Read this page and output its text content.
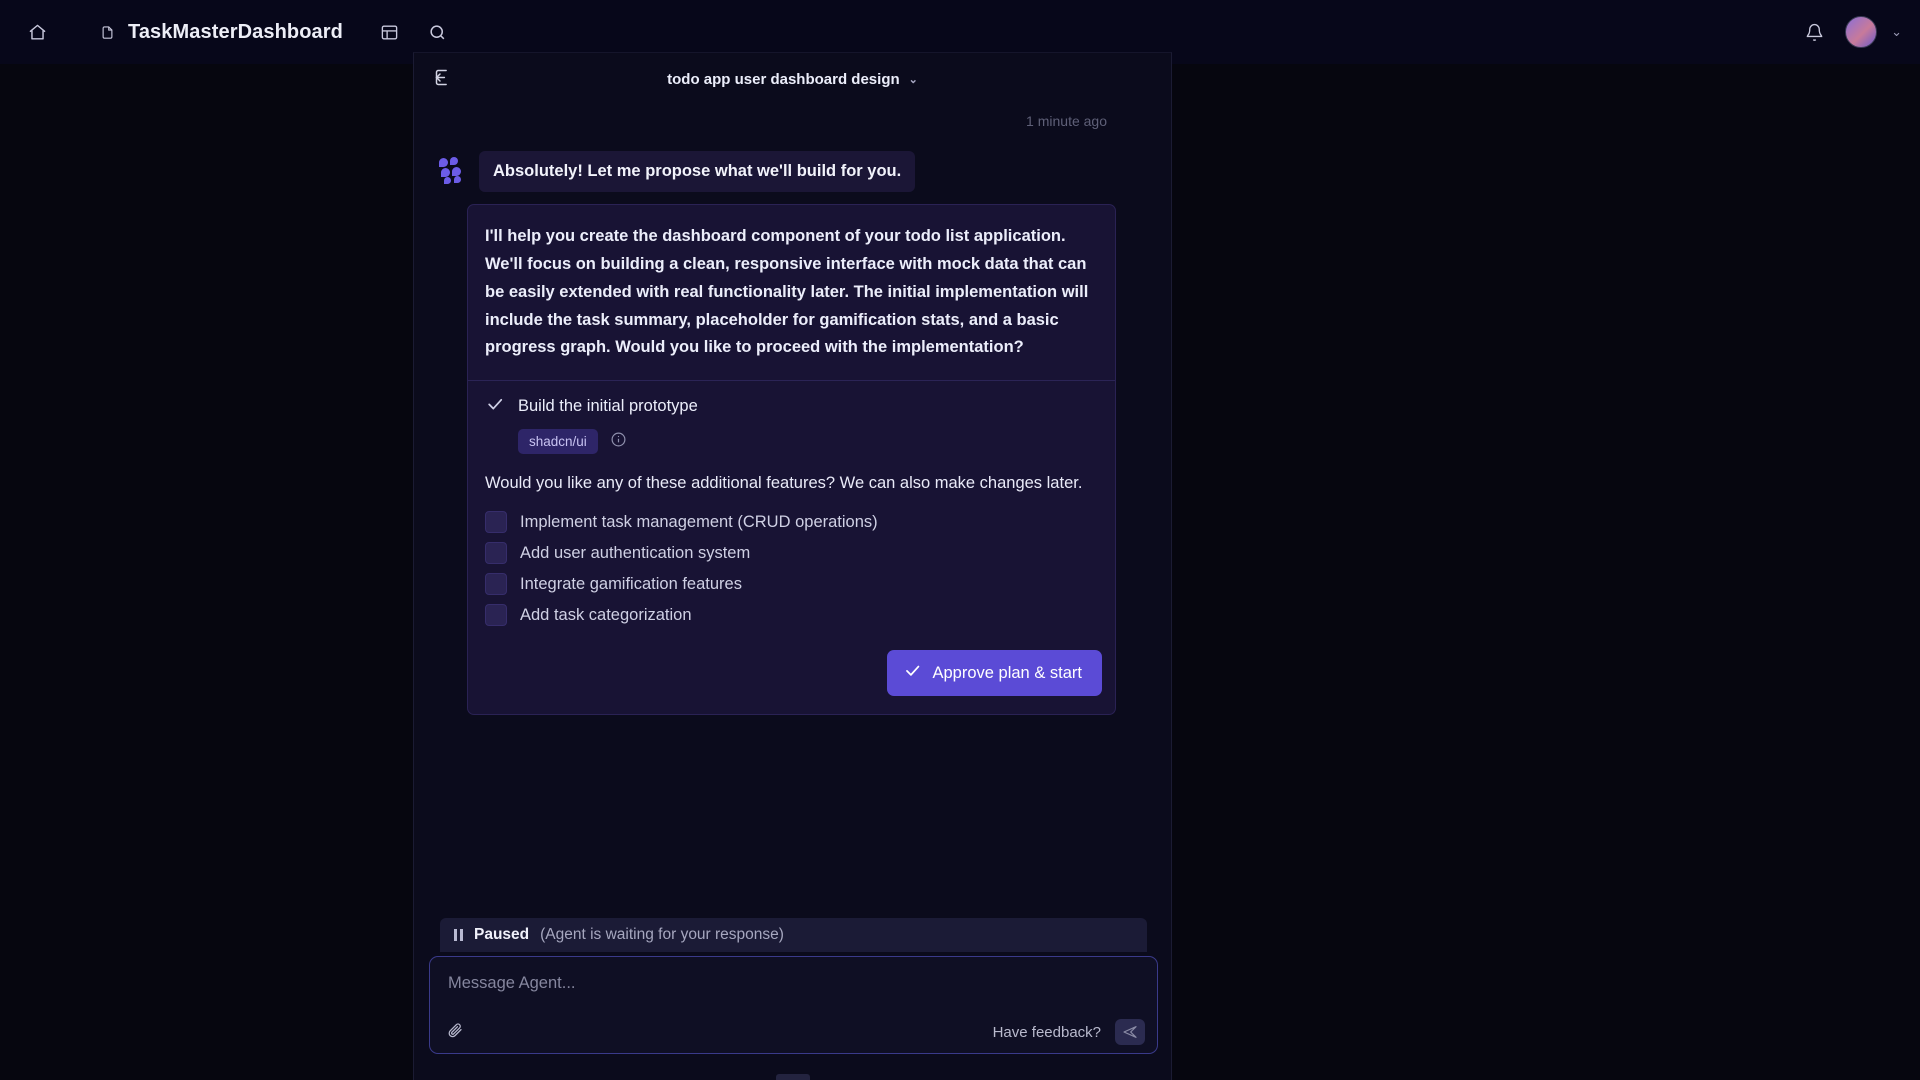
TaskMasterDashboard	⌄
todo app user dashboard design ⌄
1 minute ago
Absolutely! Let me propose what we'll build for you.
I'll help you create the dashboard component of your todo list application. We'll focus on building a clean, responsive interface with mock data that can be easily extended with real functionality later. The initial implementation will include the task summary, placeholder for gamification stats, and a basic progress graph. Would you like to proceed with the implementation?
Build the initial prototype
shadcn/ui
Would you like any of these additional features? We can also make changes later.
Implement task management (CRUD operations)
Add user authentication system
Integrate gamification features
Add task categorization
Approve plan & start
Paused (Agent is waiting for your response)
Message Agent...
Have feedback?
